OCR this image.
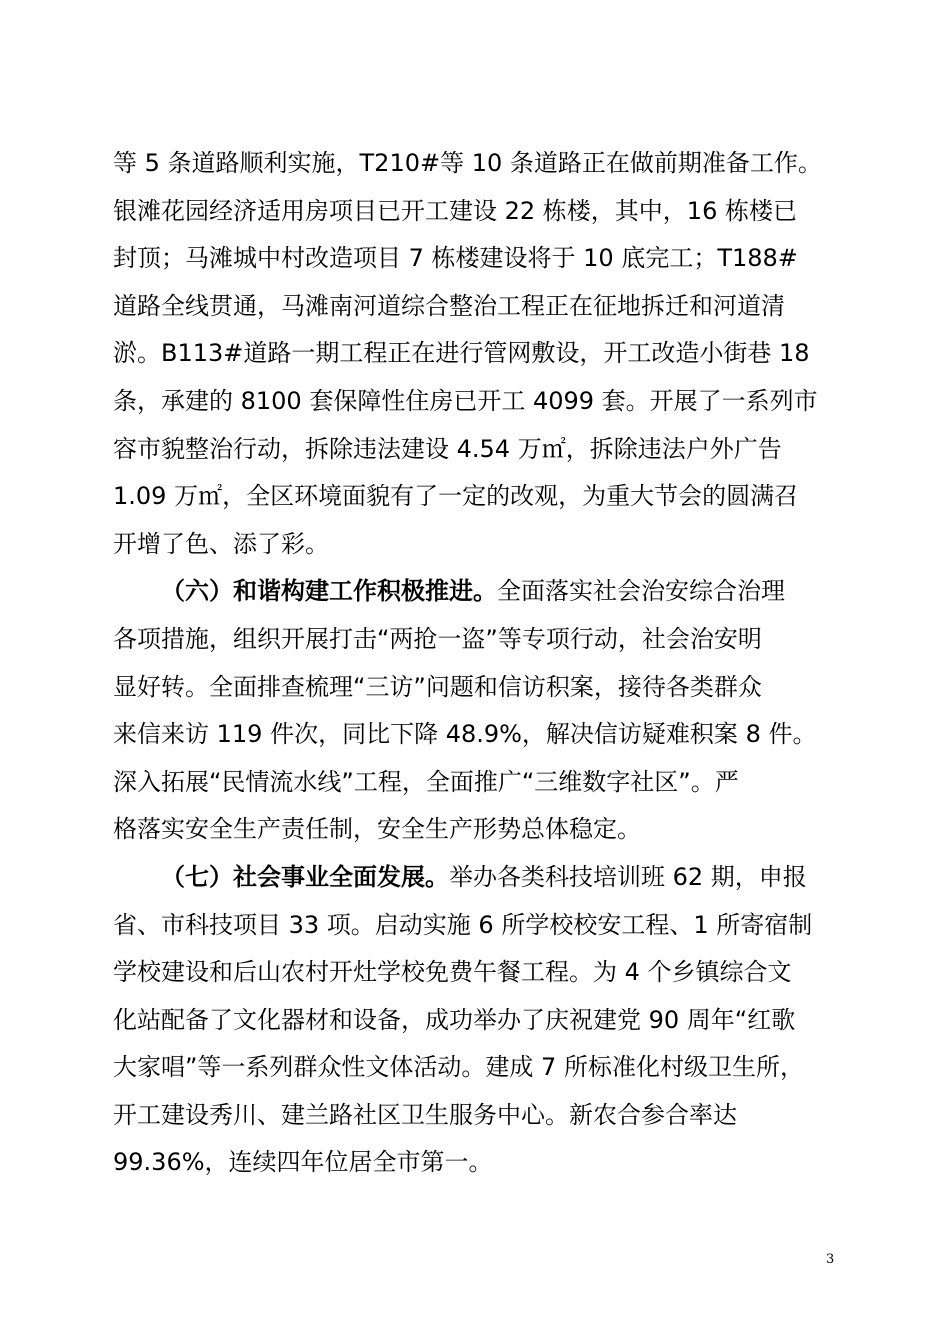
等 5 条道路顺利实施，T210#等 10 条道路正在做前期准备工作。
银滩花园经济适用房项目已开工建设 22 栋楼，其中，16 栋楼已
封顶；马滩城中村改造项目 7 栋楼建设将于 10 底完工；T188#
道路全线贯通，马滩南河道综合整治工程正在征地拆迁和河道清
淤。B113#道路一期工程正在进行管网敷设，开工改造小街巷 18
条，承建的 8100 套保障性住房已开工 4099 套。开展了一系列市
容市貌整治行动，拆除违法建设 4.54 万㎡，拆除违法户外广告
1.09 万㎡，全区环境面貌有了一定的改观，为重大节会的圆满召
开增了色、添了彩。
（六）和谐构建工作积极推进。全面落实社会治安综合治理
各项措施，组织开展打击“两抢一盗”等专项行动，社会治安明
显好转。全面排查梳理“三访”问题和信访积案，接待各类群众
来信来访 119 件次，同比下降 48.9%，解决信访疑难积案 8 件。
深入拓展“民情流水线”工程，全面推广“三维数字社区”。严
格落实安全生产责任制，安全生产形势总体稳定。
（七）社会事业全面发展。举办各类科技培训班 62 期，申报
省、市科技项目 33 项。启动实施 6 所学校校安工程、1 所寄宿制
学校建设和后山农村开灶学校免费午餐工程。为 4 个乡镇综合文
化站配备了文化器材和设备，成功举办了庆祝建党 90 周年“红歌
大家唱”等一系列群众性文体活动。建成 7 所标准化村级卫生所，
开工建设秀川、建兰路社区卫生服务中心。新农合参合率达
99.36%，连续四年位居全市第一。
3
